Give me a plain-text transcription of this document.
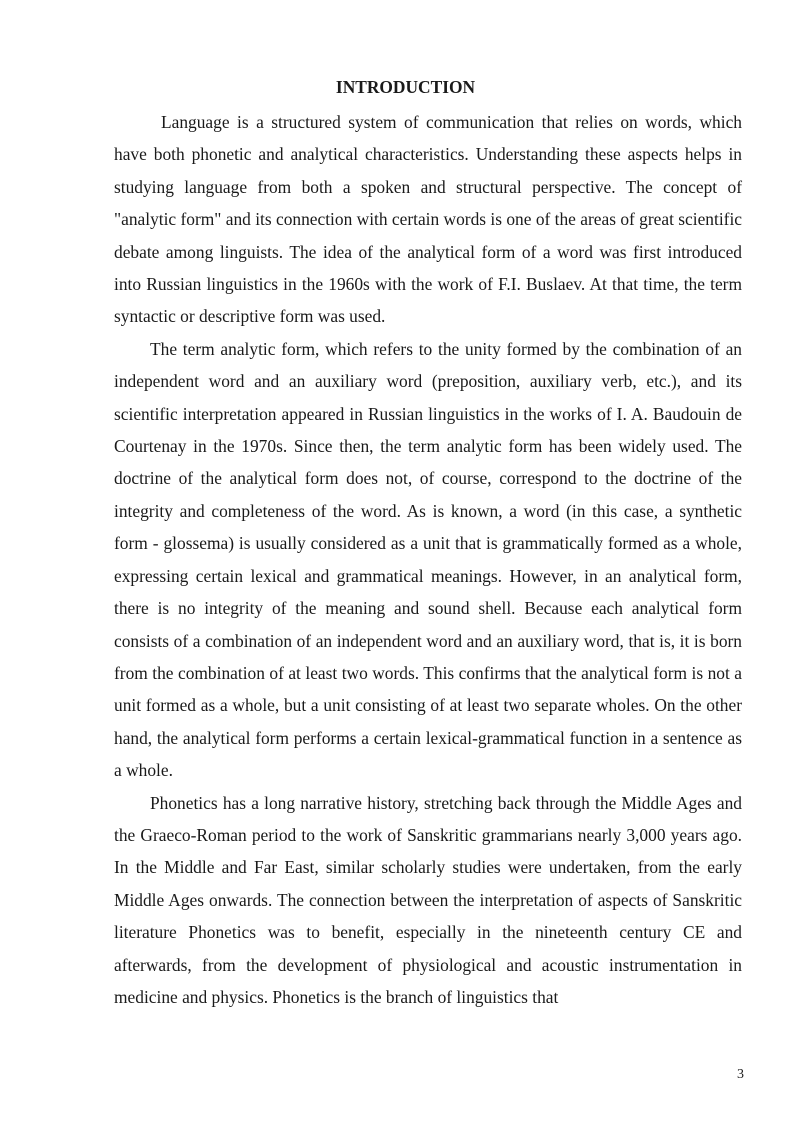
INTRODUCTION

Language is a structured system of communication that relies on words, which have both phonetic and analytical characteristics. Understanding these aspects helps in studying language from both a spoken and structural perspective. The concept of "analytic form" and its connection with certain words is one of the areas of great scientific debate among linguists. The idea of the analytical form of a word was first introduced into Russian linguistics in the 1960s with the work of F.I. Buslaev. At that time, the term syntactic or descriptive form was used.

The term analytic form, which refers to the unity formed by the combination of an independent word and an auxiliary word (preposition, auxiliary verb, etc.), and its scientific interpretation appeared in Russian linguistics in the works of I. A. Baudouin de Courtenay in the 1970s. Since then, the term analytic form has been widely used. The doctrine of the analytical form does not, of course, correspond to the doctrine of the integrity and completeness of the word. As is known, a word (in this case, a synthetic form - glossema) is usually considered as a unit that is grammatically formed as a whole, expressing certain lexical and grammatical meanings. However, in an analytical form, there is no integrity of the meaning and sound shell. Because each analytical form consists of a combination of an independent word and an auxiliary word, that is, it is born from the combination of at least two words. This confirms that the analytical form is not a unit formed as a whole, but a unit consisting of at least two separate wholes. On the other hand, the analytical form performs a certain lexical-grammatical function in a sentence as a whole.

Phonetics has a long narrative history, stretching back through the Middle Ages and the Graeco-Roman period to the work of Sanskritic grammarians nearly 3,000 years ago. In the Middle and Far East, similar scholarly studies were undertaken, from the early Middle Ages onwards. The connection between the interpretation of aspects of Sanskritic literature Phonetics was to benefit, especially in the nineteenth century CE and afterwards, from the development of physiological and acoustic instrumentation in medicine and physics. Phonetics is the branch of linguistics that

3
